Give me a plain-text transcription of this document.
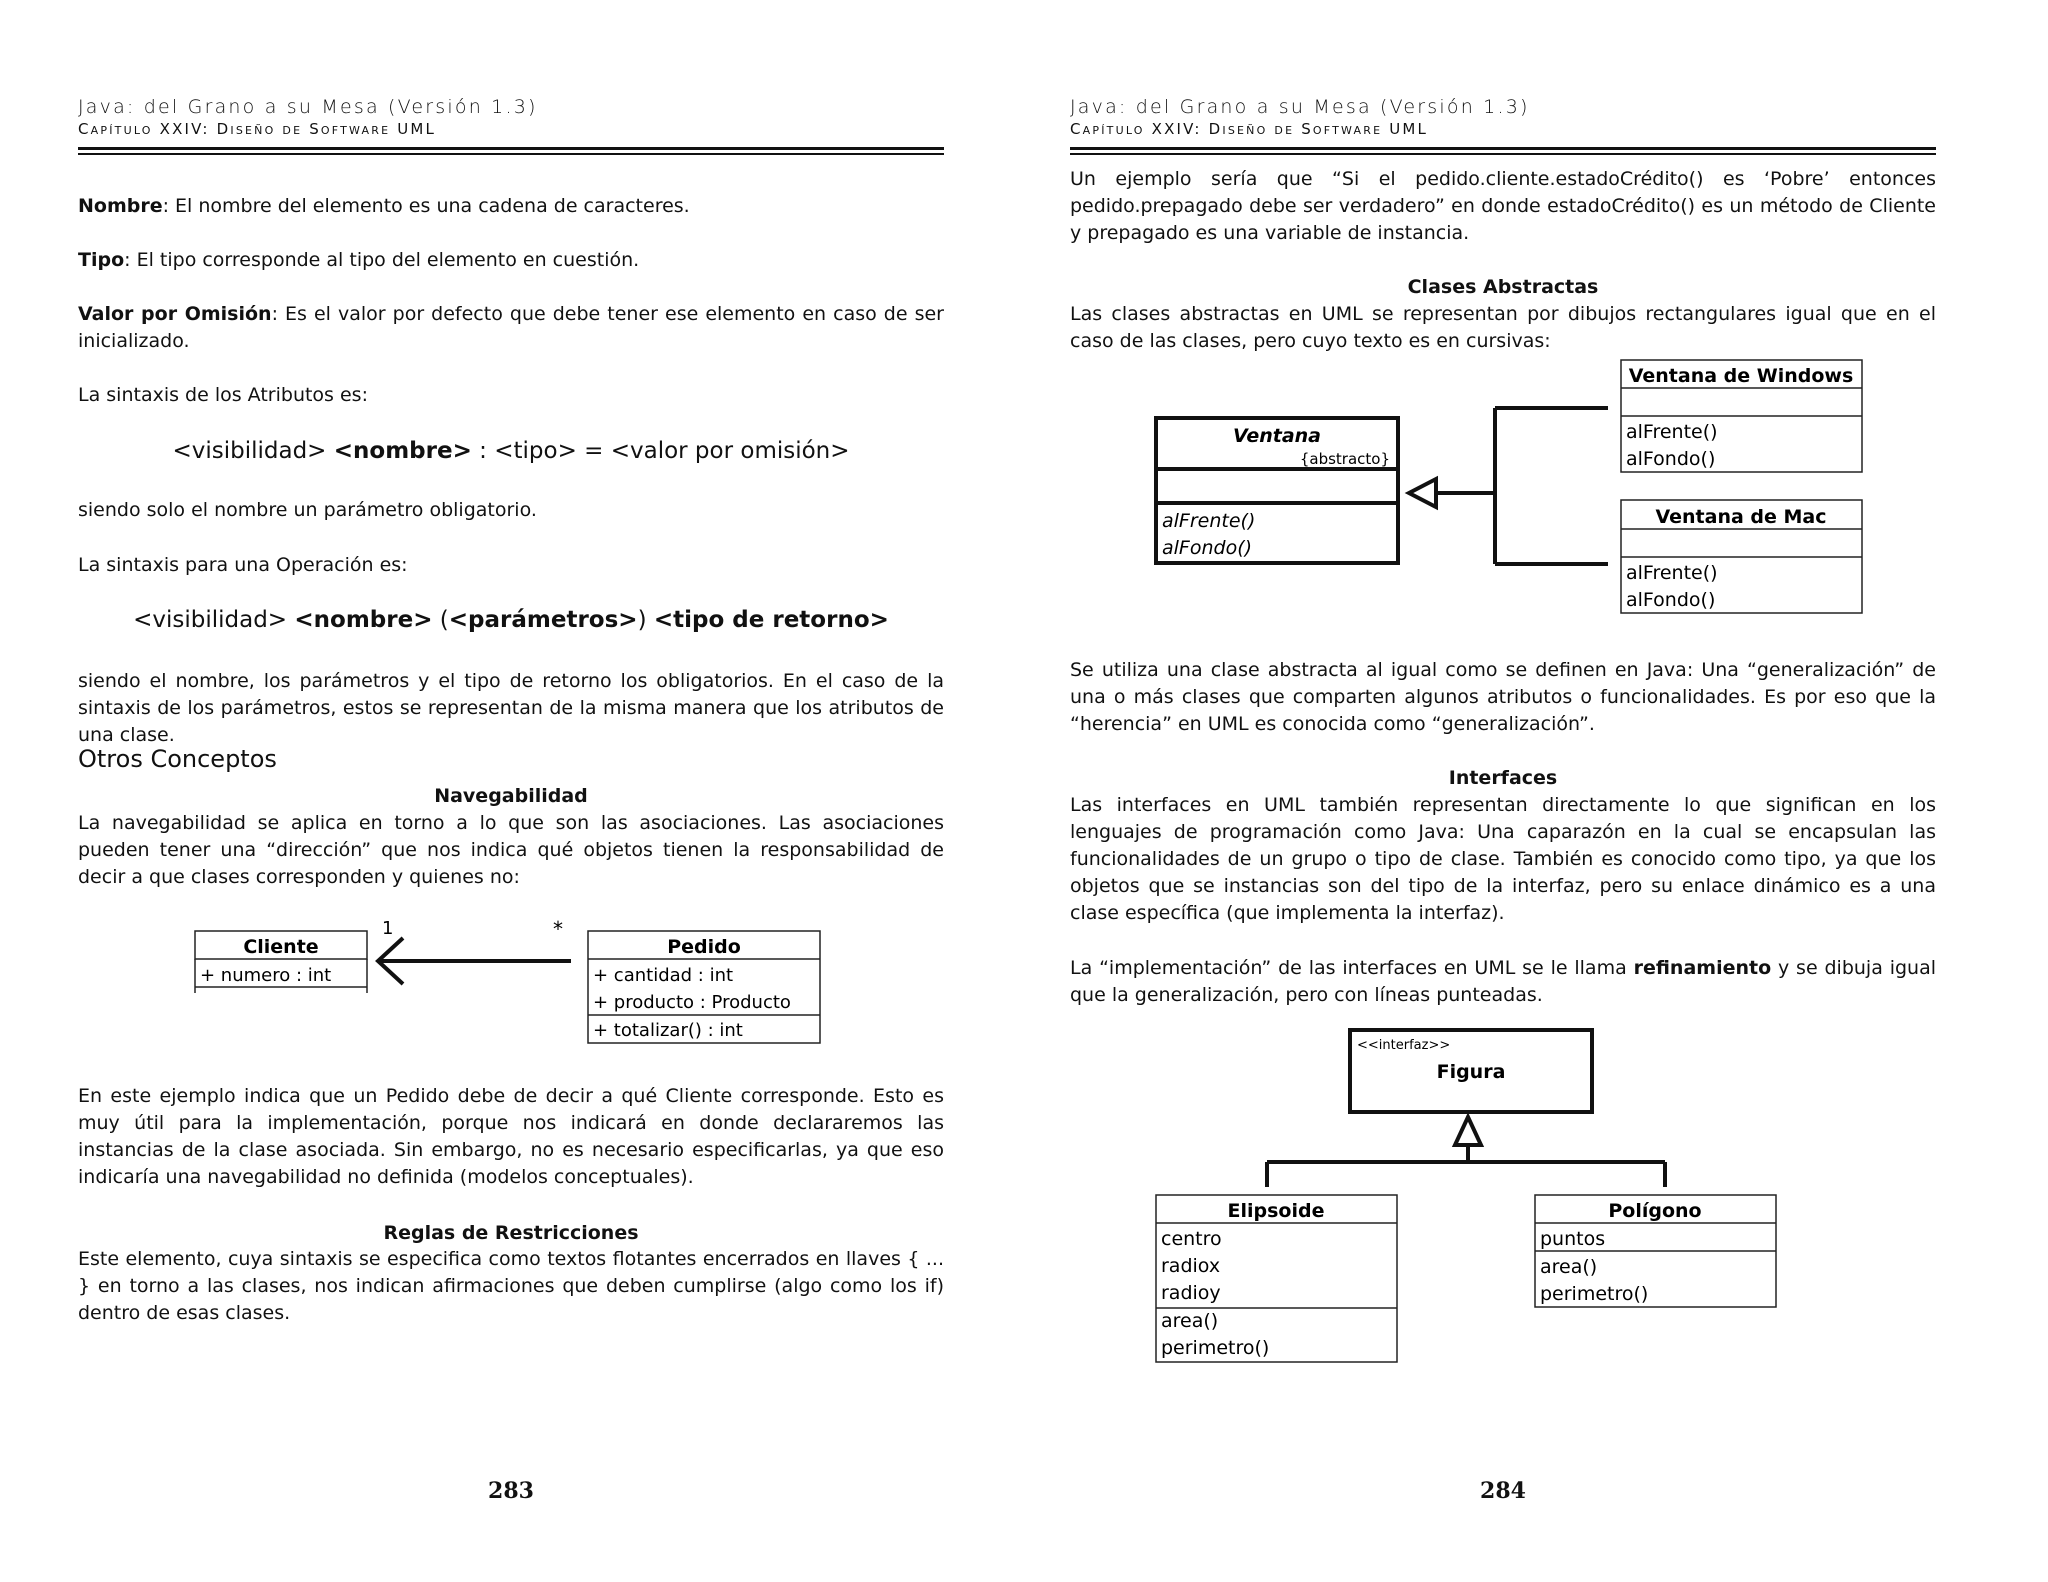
Java: del Grano a su Mesa (Versión 1.3)
Capítulo XXIV: Diseño de Software UML
Nombre: El nombre del elemento es una cadena de caracteres.
Tipo: El tipo corresponde al tipo del elemento en cuestión.
Valor por Omisión: Es el valor por defecto que debe tener ese elemento en caso de ser inicializado.
La sintaxis de los Atributos es:
<visibilidad> <nombre> : <tipo> = <valor por omisión>
siendo solo el nombre un parámetro obligatorio.
La sintaxis para una Operación es:
<visibilidad> <nombre> (<parámetros>) <tipo de retorno>
siendo el nombre, los parámetros y el tipo de retorno los obligatorios. En el caso de la sintaxis de los parámetros, estos se representan de la misma manera que los atributos de una clase.
Otros Conceptos
Navegabilidad
La navegabilidad se aplica en torno a lo que son las asociaciones. Las asociaciones pueden tener una “dirección” que nos indica qué objetos tienen la responsabilidad de decir a que clases corresponden y quienes no:
Cliente
+ numero : int
1	*
Pedido
+ cantidad : int
+ producto : Producto
+ totalizar() : int
En este ejemplo indica que un Pedido debe de decir a qué Cliente corresponde. Esto es muy útil para la implementación, porque nos indicará en donde declararemos las instancias de la clase asociada. Sin embargo, no es necesario especificarlas, ya que eso indicaría una navegabilidad no definida (modelos conceptuales).
Reglas de Restricciones
Este elemento, cuya sintaxis se especifica como textos flotantes encerrados en llaves { ... } en torno a las clases, nos indican afirmaciones que deben cumplirse (algo como los if) dentro de esas clases.
283
Java: del Grano a su Mesa (Versión 1.3)
Capítulo XXIV: Diseño de Software UML
Un ejemplo sería que “Si el pedido.cliente.estadoCrédito() es ‘Pobre’ entonces pedido.prepagado debe ser verdadero” en donde estadoCrédito() es un método de Cliente y prepagado es una variable de instancia.
Clases Abstractas
Las clases abstractas en UML se representan por dibujos rectangulares igual que en el caso de las clases, pero cuyo texto es en cursivas:
Ventana
{abstracto}
alFrente()
alFondo()
Ventana de Windows
alFrente()
alFondo()
Ventana de Mac
alFrente()
alFondo()
Se utiliza una clase abstracta al igual como se definen en Java: Una “generalización” de una o más clases que comparten algunos atributos o funcionalidades. Es por eso que la “herencia” en UML es conocida como “generalización”.
Interfaces
Las interfaces en UML también representan directamente lo que significan en los lenguajes de programación como Java: Una caparazón en la cual se encapsulan las funcionalidades de un grupo o tipo de clase. También es conocido como tipo, ya que los objetos que se instancias son del tipo de la interfaz, pero su enlace dinámico es a una clase específica (que implementa la interfaz).
La “implementación” de las interfaces en UML se le llama refinamiento y se dibuja igual que la generalización, pero con líneas punteadas.
<<interfaz>>
Figura
Elipsoide
centro
radiox
radioy
area()
perimetro()
Polígono
puntos
area()
perimetro()
284
